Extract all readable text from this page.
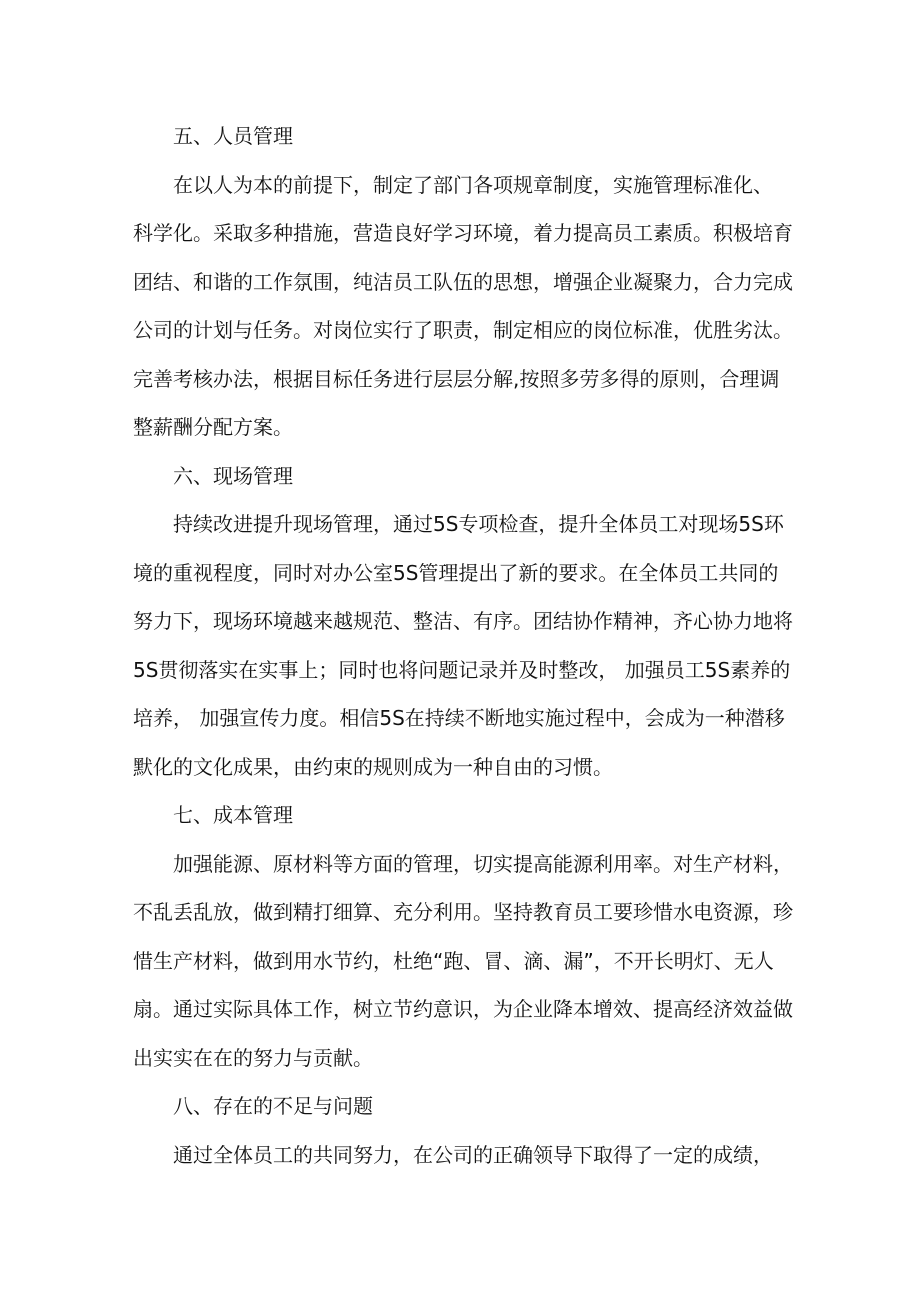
五、人员管理
在以人为本的前提下，制定了部门各项规章制度，实施管理标准化、
科学化。采取多种措施，营造良好学习环境，着力提高员工素质。积极培育
团结、和谐的工作氛围，纯洁员工队伍的思想，增强企业凝聚力，合力完成
公司的计划与任务。对岗位实行了职责，制定相应的岗位标准，优胜劣汰。
完善考核办法，根据目标任务进行层层分解,按照多劳多得的原则，合理调
整薪酬分配方案。
六、现场管理
持续改进提升现场管理，通过5S专项检查，提升全体员工对现场5S环
境的重视程度，同时对办公室5S管理提出了新的要求。在全体员工共同的
努力下，现场环境越来越规范、整洁、有序。团结协作精神，齐心协力地将
5S贯彻落实在实事上；同时也将问题记录并及时整改， 加强员工5S素养的
培养， 加强宣传力度。相信5S在持续不断地实施过程中，会成为一种潜移
默化的文化成果，由约束的规则成为一种自由的习惯。
七、成本管理
加强能源、原材料等方面的管理，切实提高能源利用率。对生产材料，
不乱丢乱放，做到精打细算、充分利用。坚持教育员工要珍惜水电资源，珍
惜生产材料，做到用水节约，杜绝“跑、冒、滴、漏”，不开长明灯、无人
扇。通过实际具体工作，树立节约意识，为企业降本增效、提高经济效益做
出实实在在的努力与贡献。
八、存在的不足与问题
通过全体员工的共同努力，在公司的正确领导下取得了一定的成绩，
